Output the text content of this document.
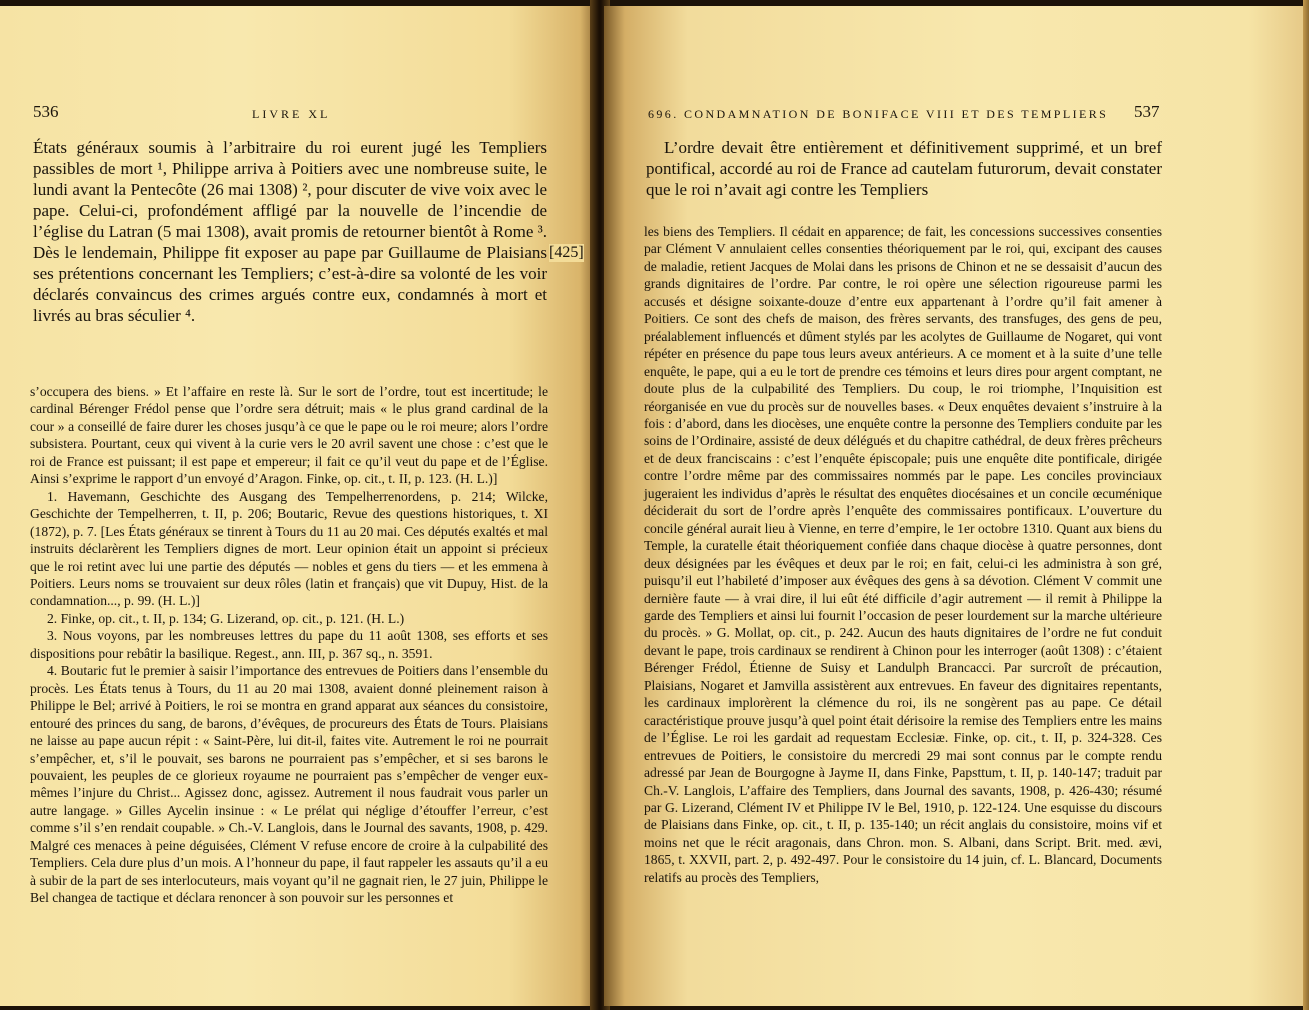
536	LIVRE XL

États généraux soumis à l’arbitraire du roi eurent jugé les Templiers passibles de mort ¹, Philippe arriva à Poitiers avec une nombreuse suite, le lundi avant la Pentecôte (26 mai 1308) ², pour discuter de vive voix avec le pape. Celui-ci, profondément affligé par la nouvelle de l’incendie de l’église du Latran (5 mai 1308), avait promis de retourner bientôt à Rome ³. Dès le lendemain, Philippe fit exposer au pape par Guillaume de Plaisians ses prétentions concernant les Templiers; c’est-à-dire sa volonté de les voir déclarés convaincus des crimes argués contre eux, condamnés à mort et livrés au bras séculier ⁴.

s’occupera des biens. » Et l’affaire en reste là. Sur le sort de l’ordre, tout est incertitude; le cardinal Bérenger Frédol pense que l’ordre sera détruit; mais « le plus grand cardinal de la cour » a conseillé de faire durer les choses jusqu’à ce que le pape ou le roi meure; alors l’ordre subsistera. Pourtant, ceux qui vivent à la curie vers le 20 avril savent une chose : c’est que le roi de France est puissant; il est pape et empereur; il fait ce qu’il veut du pape et de l’Église. Ainsi s’exprime le rapport d’un envoyé d’Aragon. Finke, op. cit., t. II, p. 123. (H. L.)]

1. Havemann, Geschichte des Ausgang des Tempelherrenordens, p. 214; Wilcke, Geschichte der Tempelherren, t. II, p. 206; Boutaric, Revue des questions historiques, t. XI (1872), p. 7. [Les États généraux se tinrent à Tours du 11 au 20 mai. Ces députés exaltés et mal instruits déclarèrent les Templiers dignes de mort. Leur opinion était un appoint si précieux que le roi retint avec lui une partie des députés — nobles et gens du tiers — et les emmena à Poitiers. Leurs noms se trouvaient sur deux rôles (latin et français) que vit Dupuy, Hist. de la condamnation..., p. 99. (H. L.)]

2. Finke, op. cit., t. II, p. 134; G. Lizerand, op. cit., p. 121. (H. L.)

3. Nous voyons, par les nombreuses lettres du pape du 11 août 1308, ses efforts et ses dispositions pour rebâtir la basilique. Regest., ann. III, p. 367 sq., n. 3591.

4. Boutaric fut le premier à saisir l’importance des entrevues de Poitiers dans l’ensemble du procès. Les États tenus à Tours, du 11 au 20 mai 1308, avaient donné pleinement raison à Philippe le Bel; arrivé à Poitiers, le roi se montra en grand apparat aux séances du consistoire, entouré des princes du sang, de barons, d’évêques, de procureurs des États de Tours. Plaisians ne laisse au pape aucun répit : « Saint-Père, lui dit-il, faites vite. Autrement le roi ne pourrait s’empêcher, et, s’il le pouvait, ses barons ne pourraient pas s’empêcher, et si ses barons le pouvaient, les peuples de ce glorieux royaume ne pourraient pas s’empêcher de venger eux-mêmes l’injure du Christ... Agissez donc, agissez. Autrement il nous faudrait vous parler un autre langage. » Gilles Aycelin insinue : « Le prélat qui néglige d’étouffer l’erreur, c’est comme s’il s’en rendait coupable. » Ch.-V. Langlois, dans le Journal des savants, 1908, p. 429. Malgré ces menaces à peine déguisées, Clément V refuse encore de croire à la culpabilité des Templiers. Cela dure plus d’un mois. A l’honneur du pape, il faut rappeler les assauts qu’il a eu à subir de la part de ses interlocuteurs, mais voyant qu’il ne gagnait rien, le 27 juin, Philippe le Bel changea de tactique et déclara renoncer à son pouvoir sur les personnes et

[425]
696. CONDAMNATION DE BONIFACE VIII ET DES TEMPLIERS 537

L’ordre devait être entièrement et définitivement supprimé, et un bref pontifical, accordé au roi de France ad cautelam futurorum, devait constater que le roi n’avait agi contre les Templiers

les biens des Templiers. Il cédait en apparence; de fait, les concessions successives consenties par Clément V annulaient celles consenties théoriquement par le roi, qui, excipant des causes de maladie, retient Jacques de Molai dans les prisons de Chinon et ne se dessaisit d’aucun des grands dignitaires de l’ordre. Par contre, le roi opère une sélection rigoureuse parmi les accusés et désigne soixante-douze d’entre eux appartenant à l’ordre qu’il fait amener à Poitiers. Ce sont des chefs de maison, des frères servants, des transfuges, des gens de peu, préalablement influencés et dûment stylés par les acolytes de Guillaume de Nogaret, qui vont répéter en présence du pape tous leurs aveux antérieurs. A ce moment et à la suite d’une telle enquête, le pape, qui a eu le tort de prendre ces témoins et leurs dires pour argent comptant, ne doute plus de la culpabilité des Templiers. Du coup, le roi triomphe, l’Inquisition est réorganisée en vue du procès sur de nouvelles bases. « Deux enquêtes devaient s’instruire à la fois : d’abord, dans les diocèses, une enquête contre la personne des Templiers conduite par les soins de l’Ordinaire, assisté de deux délégués et du chapitre cathédral, de deux frères prêcheurs et de deux franciscains : c’est l’enquête épiscopale; puis une enquête dite pontificale, dirigée contre l’ordre même par des commissaires nommés par le pape. Les conciles provinciaux jugeraient les individus d’après le résultat des enquêtes diocésaines et un concile œcuménique déciderait du sort de l’ordre après l’enquête des commissaires pontificaux. L’ouverture du concile général aurait lieu à Vienne, en terre d’empire, le 1er octobre 1310. Quant aux biens du Temple, la curatelle était théoriquement confiée dans chaque diocèse à quatre personnes, dont deux désignées par les évêques et deux par le roi; en fait, celui-ci les administra à son gré, puisqu’il eut l’habileté d’imposer aux évêques des gens à sa dévotion. Clément V commit une dernière faute — à vrai dire, il lui eût été difficile d’agir autrement — il remit à Philippe la garde des Templiers et ainsi lui fournit l’occasion de peser lourdement sur la marche ultérieure du procès. » G. Mollat, op. cit., p. 242. Aucun des hauts dignitaires de l’ordre ne fut conduit devant le pape, trois cardinaux se rendirent à Chinon pour les interroger (août 1308) : c’étaient Bérenger Frédol, Étienne de Suisy et Landulph Brancacci. Par surcroît de précaution, Plaisians, Nogaret et Jamvilla assistèrent aux entrevues. En faveur des dignitaires repentants, les cardinaux implorèrent la clémence du roi, ils ne songèrent pas au pape. Ce détail caractéristique prouve jusqu’à quel point était dérisoire la remise des Templiers entre les mains de l’Église. Le roi les gardait ad requestam Ecclesiæ. Finke, op. cit., t. II, p. 324-328. Ces entrevues de Poitiers, le consistoire du mercredi 29 mai sont connus par le compte rendu adressé par Jean de Bourgogne à Jayme II, dans Finke, Papsttum, t. II, p. 140-147; traduit par Ch.-V. Langlois, L’affaire des Templiers, dans Journal des savants, 1908, p. 426-430; résumé par G. Lizerand, Clément IV et Philippe IV le Bel, 1910, p. 122-124. Une esquisse du discours de Plaisians dans Finke, op. cit., t. II, p. 135-140; un récit anglais du consistoire, moins vif et moins net que le récit aragonais, dans Chron. mon. S. Albani, dans Script. Brit. med. ævi, 1865, t. XXVII, part. 2, p. 492-497. Pour le consistoire du 14 juin, cf. L. Blancard, Documents relatifs au procès des Templiers,
